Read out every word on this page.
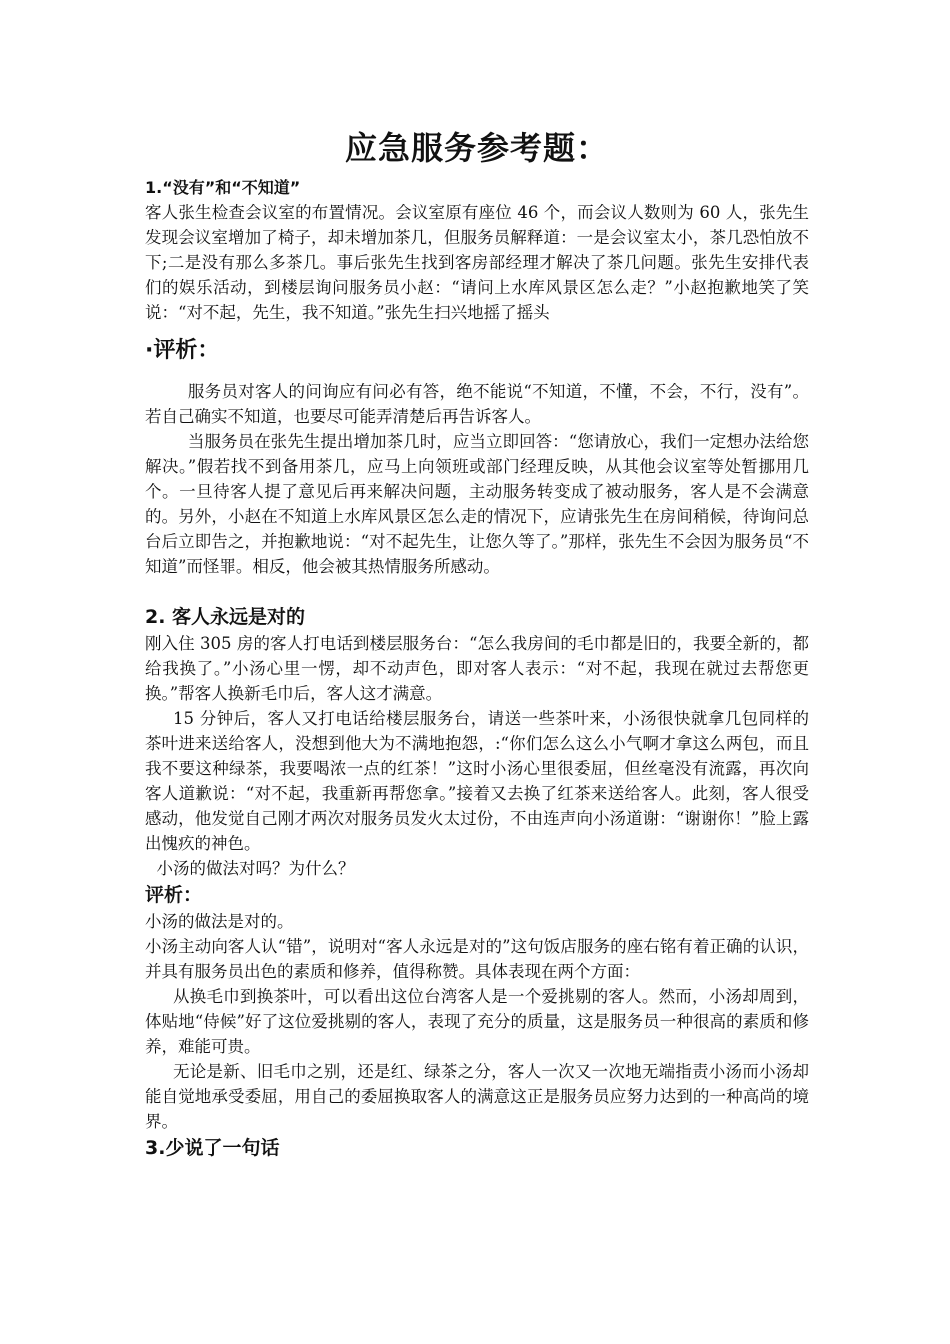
应急服务参考题：
1.“没有”和“不知道”

客人张生检查会议室的布置情况。会议室原有座位 46 个，而会议人数则为 60 人，张先生发现会议室增加了椅子，却未增加茶几，但服务员解释道：一是会议室太小，茶几恐怕放不下;二是没有那么多茶几。事后张先生找到客房部经理才解决了茶几问题。张先生安排代表们的娱乐活动，到楼层询问服务员小赵：“请问上水库风景区怎么走？”小赵抱歉地笑了笑说：“对不起，先生，我不知道。”张先生扫兴地摇了摇头

·评析：

服务员对客人的问询应有问必有答，绝不能说“不知道，不懂，不会，不行，没有”。若自己确实不知道，也要尽可能弄清楚后再告诉客人。

当服务员在张先生提出增加茶几时，应当立即回答：“您请放心，我们一定想办法给您解决。”假若找不到备用茶几，应马上向领班或部门经理反映，从其他会议室等处暂挪用几个。一旦待客人提了意见后再来解决问题，主动服务转变成了被动服务，客人是不会满意的。另外，小赵在不知道上水库风景区怎么走的情况下，应请张先生在房间稍候，待询问总台后立即告之，并抱歉地说：“对不起先生，让您久等了。”那样，张先生不会因为服务员“不知道”而怪罪。相反，他会被其热情服务所感动。

2. 客人永远是对的

刚入住 305 房的客人打电话到楼层服务台：“怎么我房间的毛巾都是旧的，我要全新的，都给我换了。”小汤心里一愣，却不动声色，即对客人表示：“对不起，我现在就过去帮您更换。”帮客人换新毛巾后，客人这才满意。

15 分钟后，客人又打电话给楼层服务台，请送一些茶叶来，小汤很快就拿几包同样的茶叶进来送给客人，没想到他大为不满地抱怨，:“你们怎么这么小气啊才拿这么两包，而且我不要这种绿茶，我要喝浓一点的红茶！”这时小汤心里很委屈，但丝毫没有流露，再次向客人道歉说：“对不起，我重新再帮您拿。”接着又去换了红茶来送给客人。此刻，客人很受感动，他发觉自己刚才两次对服务员发火太过份，不由连声向小汤道谢：“谢谢你！”脸上露出愧疚的神色。

小汤的做法对吗？为什么？

评析：

小汤的做法是对的。

小汤主动向客人认“错”，说明对“客人永远是对的”这句饭店服务的座右铭有着正确的认识，并具有服务员出色的素质和修养，值得称赞。具体表现在两个方面：

从换毛巾到换茶叶，可以看出这位台湾客人是一个爱挑剔的客人。然而，小汤却周到，体贴地“侍候”好了这位爱挑剔的客人，表现了充分的质量，这是服务员一种很高的素质和修养，难能可贵。

无论是新、旧毛巾之别，还是红、绿茶之分，客人一次又一次地无端指责小汤而小汤却能自觉地承受委屈，用自己的委屈换取客人的满意这正是服务员应努力达到的一种高尚的境界。

3.少说了一句话
